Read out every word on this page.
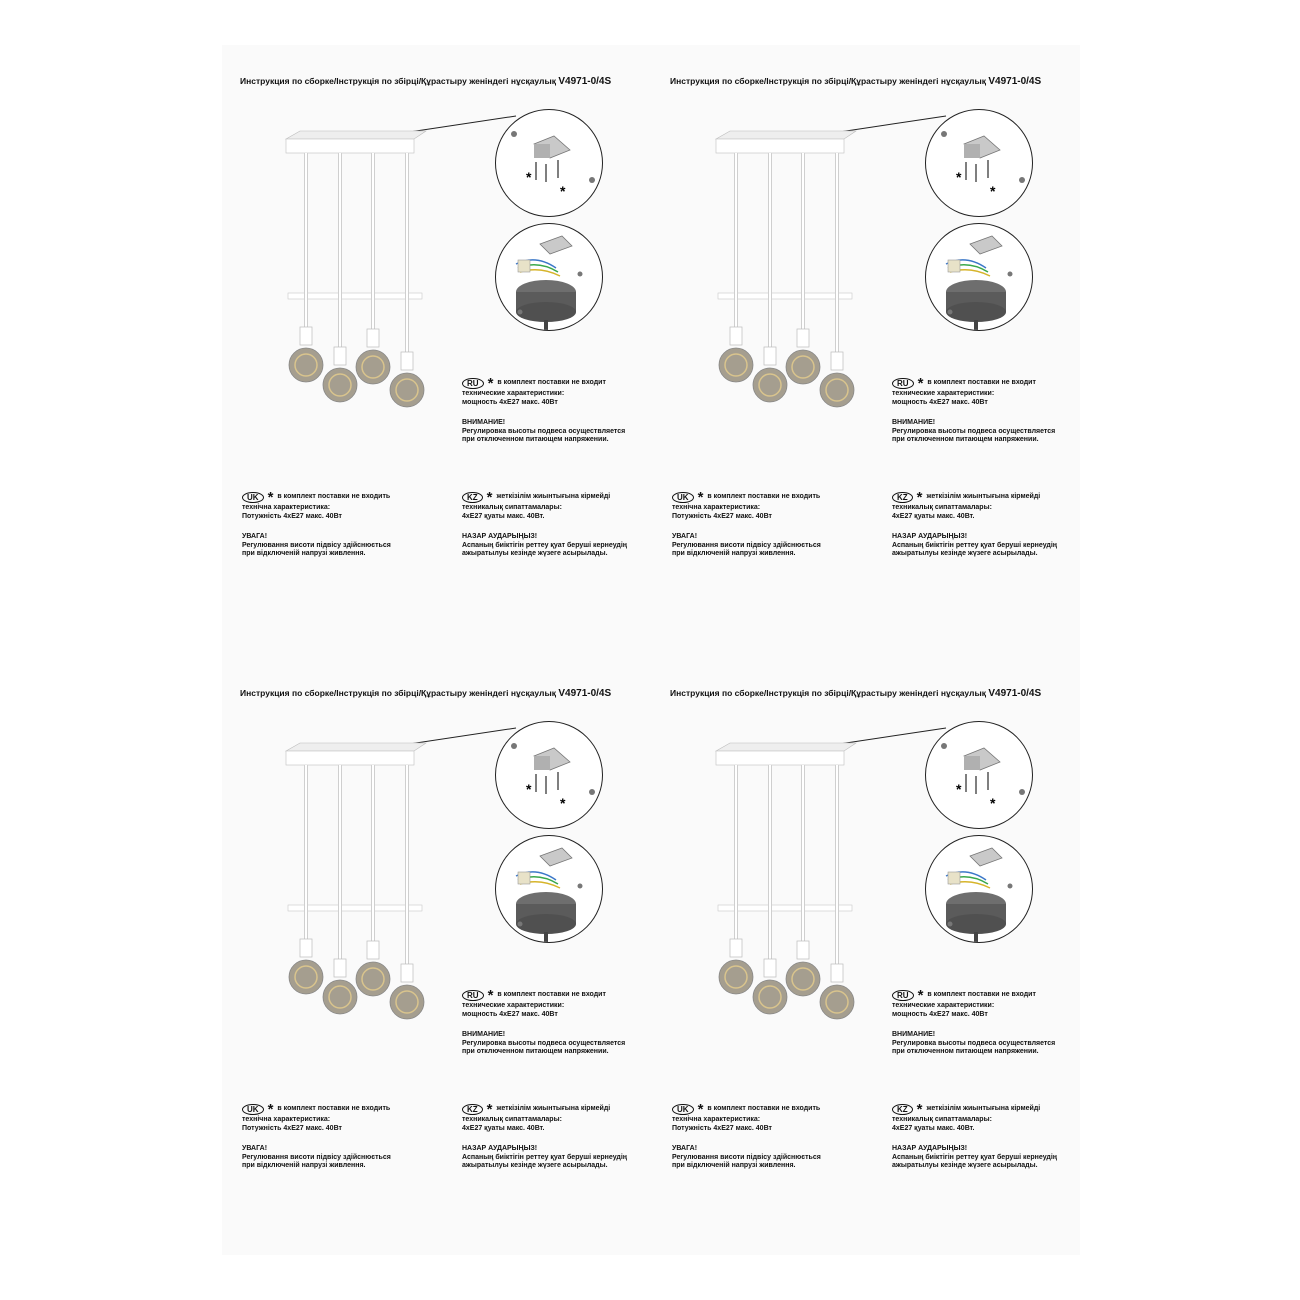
Инструкция по сборке/Інструкція по збірці/Құрастыру женіндегі нұсқаулық V4971-0/4S
*
*
RU * в комплект поставки не входит
технические характеристики:
мощность 4хЕ27 макс. 40Вт
ВНИМАНИЕ!
Регулировка высоты подвеса осуществляется
при отключенном питающем напряжении.
UK * в комплект поставки не входить
технічна характеристика:
Потужність 4хЕ27 макс. 40Вт
УВАГА!
Регулювання висоти підвісу здійснюється
при відключеній напрузі живлення.
KZ * жеткізілім жиынтығына кірмейді
техникалық сипаттамалары:
4хЕ27 қуаты макс. 40Вт.
НАЗАР АУДАРЫҢЫЗ!
Аспаның биіктігін реттеу қуат беруші кернеудің
ажыратылуы кезінде жүзеге асырылады.
Инструкция по сборке/Інструкція по збірці/Құрастыру женіндегі нұсқаулық V4971-0/4S
*
*
RU * в комплект поставки не входит
технические характеристики:
мощность 4хЕ27 макс. 40Вт
ВНИМАНИЕ!
Регулировка высоты подвеса осуществляется
при отключенном питающем напряжении.
UK * в комплект поставки не входить
технічна характеристика:
Потужність 4хЕ27 макс. 40Вт
УВАГА!
Регулювання висоти підвісу здійснюється
при відключеній напрузі живлення.
KZ * жеткізілім жиынтығына кірмейді
техникалық сипаттамалары:
4хЕ27 қуаты макс. 40Вт.
НАЗАР АУДАРЫҢЫЗ!
Аспаның биіктігін реттеу қуат беруші кернеудің
ажыратылуы кезінде жүзеге асырылады.
Инструкция по сборке/Інструкція по збірці/Құрастыру женіндегі нұсқаулық V4971-0/4S
*
*
RU * в комплект поставки не входит
технические характеристики:
мощность 4хЕ27 макс. 40Вт
ВНИМАНИЕ!
Регулировка высоты подвеса осуществляется
при отключенном питающем напряжении.
UK * в комплект поставки не входить
технічна характеристика:
Потужність 4хЕ27 макс. 40Вт
УВАГА!
Регулювання висоти підвісу здійснюється
при відключеній напрузі живлення.
KZ * жеткізілім жиынтығына кірмейді
техникалық сипаттамалары:
4хЕ27 қуаты макс. 40Вт.
НАЗАР АУДАРЫҢЫЗ!
Аспаның биіктігін реттеу қуат беруші кернеудің
ажыратылуы кезінде жүзеге асырылады.
Инструкция по сборке/Інструкція по збірці/Құрастыру женіндегі нұсқаулық V4971-0/4S
*
*
RU * в комплект поставки не входит
технические характеристики:
мощность 4хЕ27 макс. 40Вт
ВНИМАНИЕ!
Регулировка высоты подвеса осуществляется
при отключенном питающем напряжении.
UK * в комплект поставки не входить
технічна характеристика:
Потужність 4хЕ27 макс. 40Вт
УВАГА!
Регулювання висоти підвісу здійснюється
при відключеній напрузі живлення.
KZ * жеткізілім жиынтығына кірмейді
техникалық сипаттамалары:
4хЕ27 қуаты макс. 40Вт.
НАЗАР АУДАРЫҢЫЗ!
Аспаның биіктігін реттеу қуат беруші кернеудің
ажыратылуы кезінде жүзеге асырылады.
